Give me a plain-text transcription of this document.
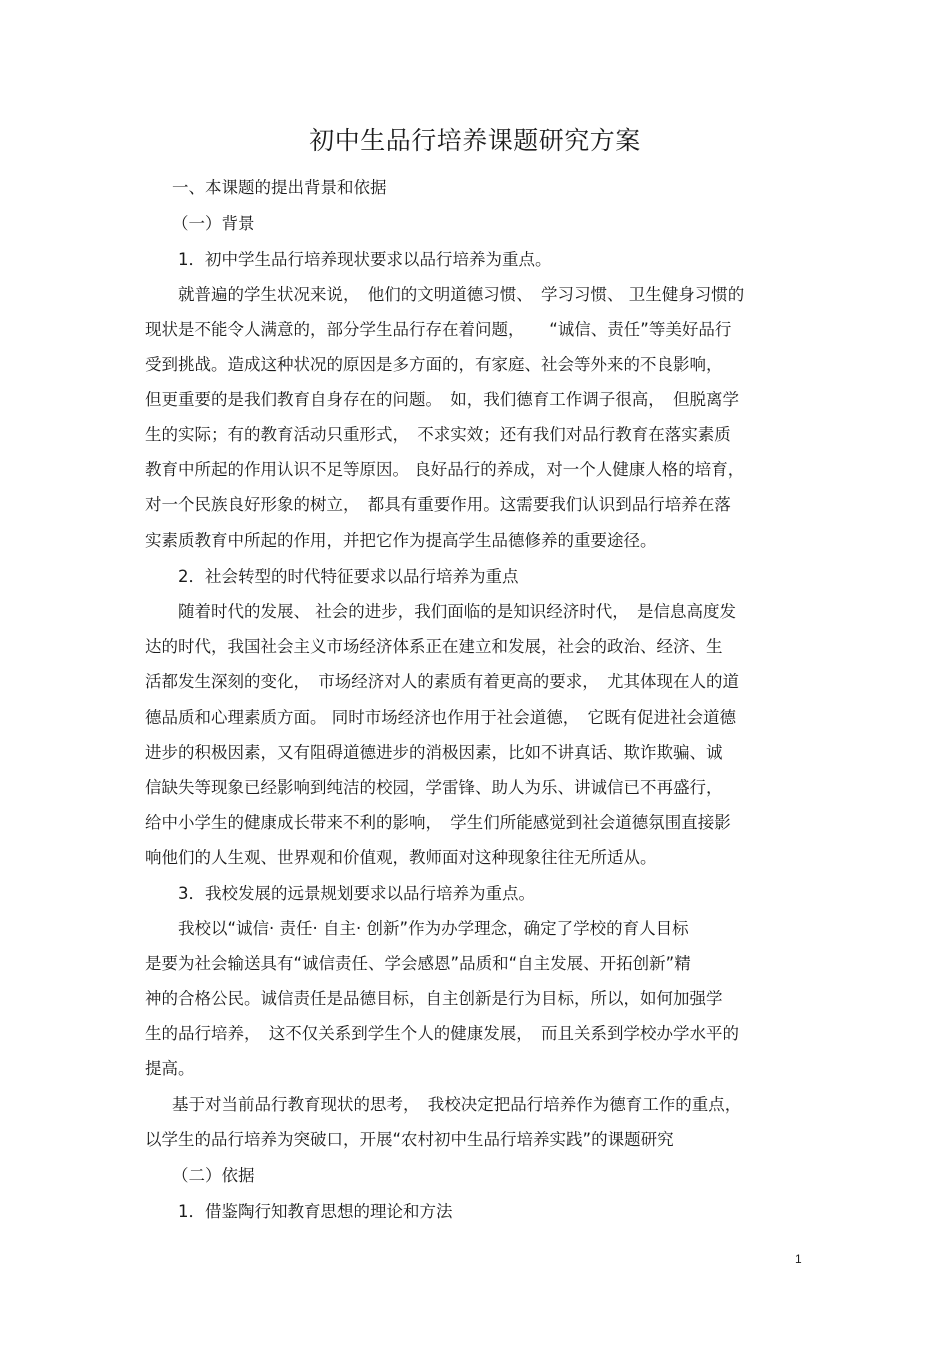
初中生品行培养课题研究方案
一、本课题的提出背景和依据
（一）背景
1．初中学生品行培养现状要求以品行培养为重点。
就普遍的学生状况来说，　他们的文明道德习惯、　学习习惯、 卫生健身习惯的
现状是不能令人满意的，部分学生品行存在着问题，　　“诚信、责任”等美好品行
受到挑战。造成这种状况的原因是多方面的，有家庭、社会等外来的不良影响，
但更重要的是我们教育自身存在的问题。　如，我们德育工作调子很高，　但脱离学
生的实际；有的教育活动只重形式，　不求实效；还有我们对品行教育在落实素质
教育中所起的作用认识不足等原因。 良好品行的养成，对一个人健康人格的培育，
对一个民族良好形象的树立，　都具有重要作用。这需要我们认识到品行培养在落
实素质教育中所起的作用，并把它作为提高学生品德修养的重要途径。
2．社会转型的时代特征要求以品行培养为重点
随着时代的发展、 社会的进步，我们面临的是知识经济时代，　是信息高度发
达的时代，我国社会主义市场经济体系正在建立和发展，社会的政治、经济、生
活都发生深刻的变化，　市场经济对人的素质有着更高的要求，　尤其体现在人的道
德品质和心理素质方面。 同时市场经济也作用于社会道德，　它既有促进社会道德
进步的积极因素，又有阻碍道德进步的消极因素，比如不讲真话、欺诈欺骗、诚
信缺失等现象已经影响到纯洁的校园，学雷锋、助人为乐、讲诚信已不再盛行，
给中小学生的健康成长带来不利的影响，　学生们所能感觉到社会道德氛围直接影
响他们的人生观、世界观和价值观，教师面对这种现象往往无所适从。
3．我校发展的远景规划要求以品行培养为重点。
我校以“诚信· 责任· 自主· 创新”作为办学理念，确定了学校的育人目标
是要为社会输送具有“诚信责任、学会感恩”品质和“自主发展、开拓创新”精
神的合格公民。诚信责任是品德目标，自主创新是行为目标，所以，如何加强学
生的品行培养，　这不仅关系到学生个人的健康发展，　而且关系到学校办学水平的
提高。
基于对当前品行教育现状的思考，　我校决定把品行培养作为德育工作的重点，
以学生的品行培养为突破口，开展“农村初中生品行培养实践”的课题研究
（二）依据
1．借鉴陶行知教育思想的理论和方法
1
